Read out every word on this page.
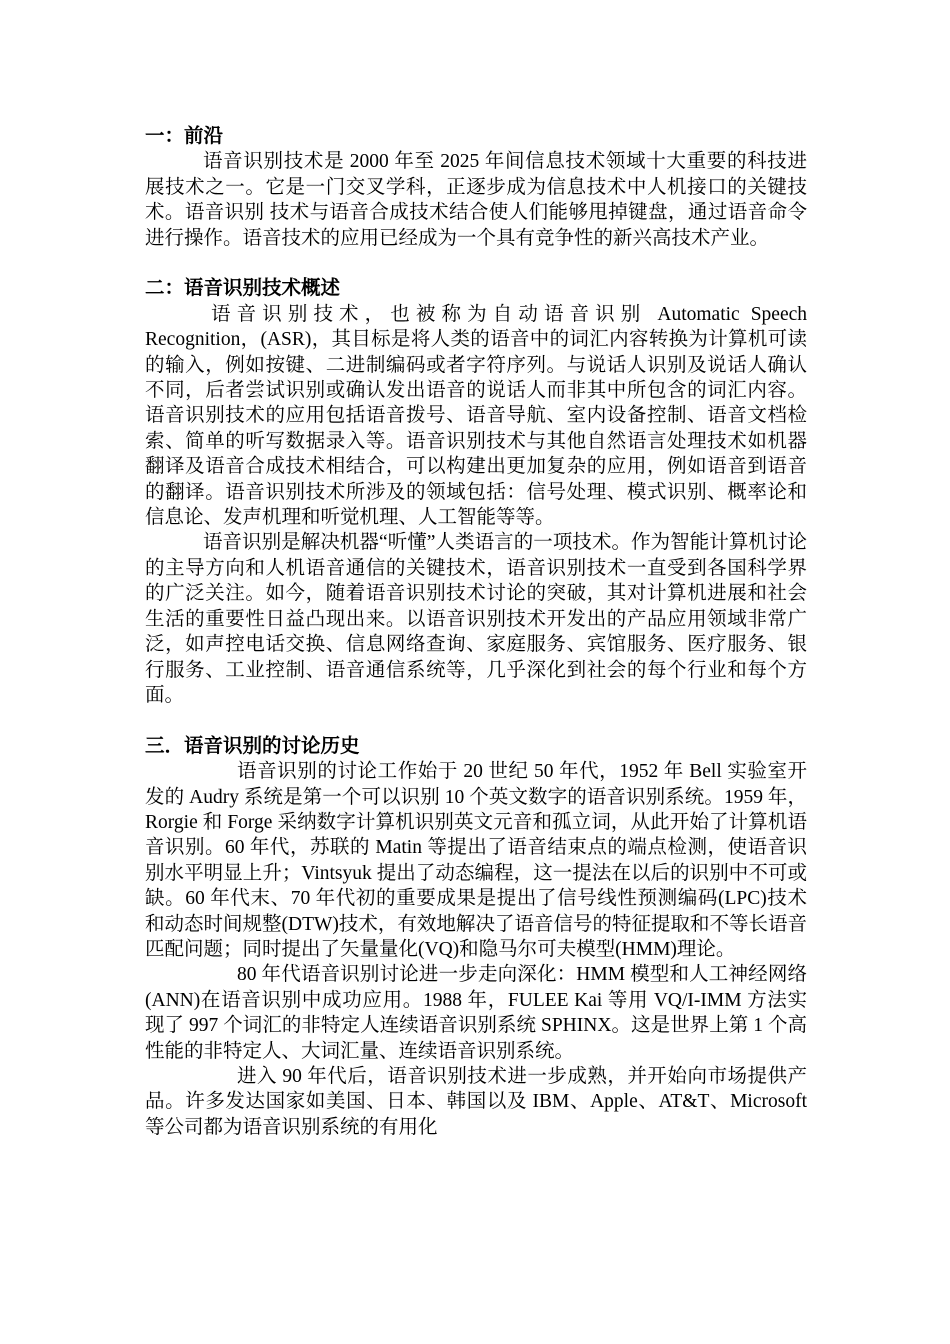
一：前沿

语音识别技术是 2000 年至 2025 年间信息技术领域十大重要的科技进展技术之一。它是一门交叉学科，正逐步成为信息技术中人机接口的关键技术。语音识别 技术与语音合成技术结合使人们能够甩掉键盘，通过语音命令进行操作。语音技术的应用已经成为一个具有竞争性的新兴高技术产业。

二：语音识别技术概述

语音识别技术，也被称为自动语音识别 Automatic Speech Recognition，(ASR)，其目标是将人类的语音中的词汇内容转换为计算机可读的输入，例如按键、二进制编码或者字符序列。与说话人识别及说话人确认不同，后者尝试识别或确认发出语音的说话人而非其中所包含的词汇内容。语音识别技术的应用包括语音拨号、语音导航、室内设备控制、语音文档检索、简单的听写数据录入等。语音识别技术与其他自然语言处理技术如机器翻译及语音合成技术相结合，可以构建出更加复杂的应用，例如语音到语音的翻译。语音识别技术所涉及的领域包括：信号处理、模式识别、概率论和信息论、发声机理和听觉机理、人工智能等等。

语音识别是解决机器“听懂”人类语言的一项技术。作为智能计算机讨论的主导方向和人机语音通信的关键技术，语音识别技术一直受到各国科学界的广泛关注。如今，随着语音识别技术讨论的突破，其对计算机进展和社会生活的重要性日益凸现出来。以语音识别技术开发出的产品应用领域非常广泛，如声控电话交换、信息网络查询、家庭服务、宾馆服务、医疗服务、银行服务、工业控制、语音通信系统等，几乎深化到社会的每个行业和每个方面。

三．语音识别的讨论历史

语音识别的讨论工作始于 20 世纪 50 年代，1952 年 Bell 实验室开发的 Audry 系统是第一个可以识别 10 个英文数字的语音识别系统。1959 年，Rorgie 和 Forge 采纳数字计算机识别英文元音和孤立词，从此开始了计算机语音识别。60 年代，苏联的 Matin 等提出了语音结束点的端点检测，使语音识别水平明显上升；Vintsyuk 提出了动态编程，这一提法在以后的识别中不可或缺。60 年代末、70 年代初的重要成果是提出了信号线性预测编码(LPC)技术和动态时间规整(DTW)技术，有效地解决了语音信号的特征提取和不等长语音匹配问题；同时提出了矢量量化(VQ)和隐马尔可夫模型(HMM)理论。

80 年代语音识别讨论进一步走向深化：HMM 模型和人工神经网络(ANN)在语音识别中成功应用。1988 年，FULEE Kai 等用 VQ/I-IMM 方法实现了 997 个词汇的非特定人连续语音识别系统 SPHINX。这是世界上第 1 个高性能的非特定人、大词汇量、连续语音识别系统。

进入 90 年代后，语音识别技术进一步成熟，并开始向市场提供产品。许多发达国家如美国、日本、韩国以及 IBM、Apple、AT&T、Microsoft 等公司都为语音识别系统的有用化
